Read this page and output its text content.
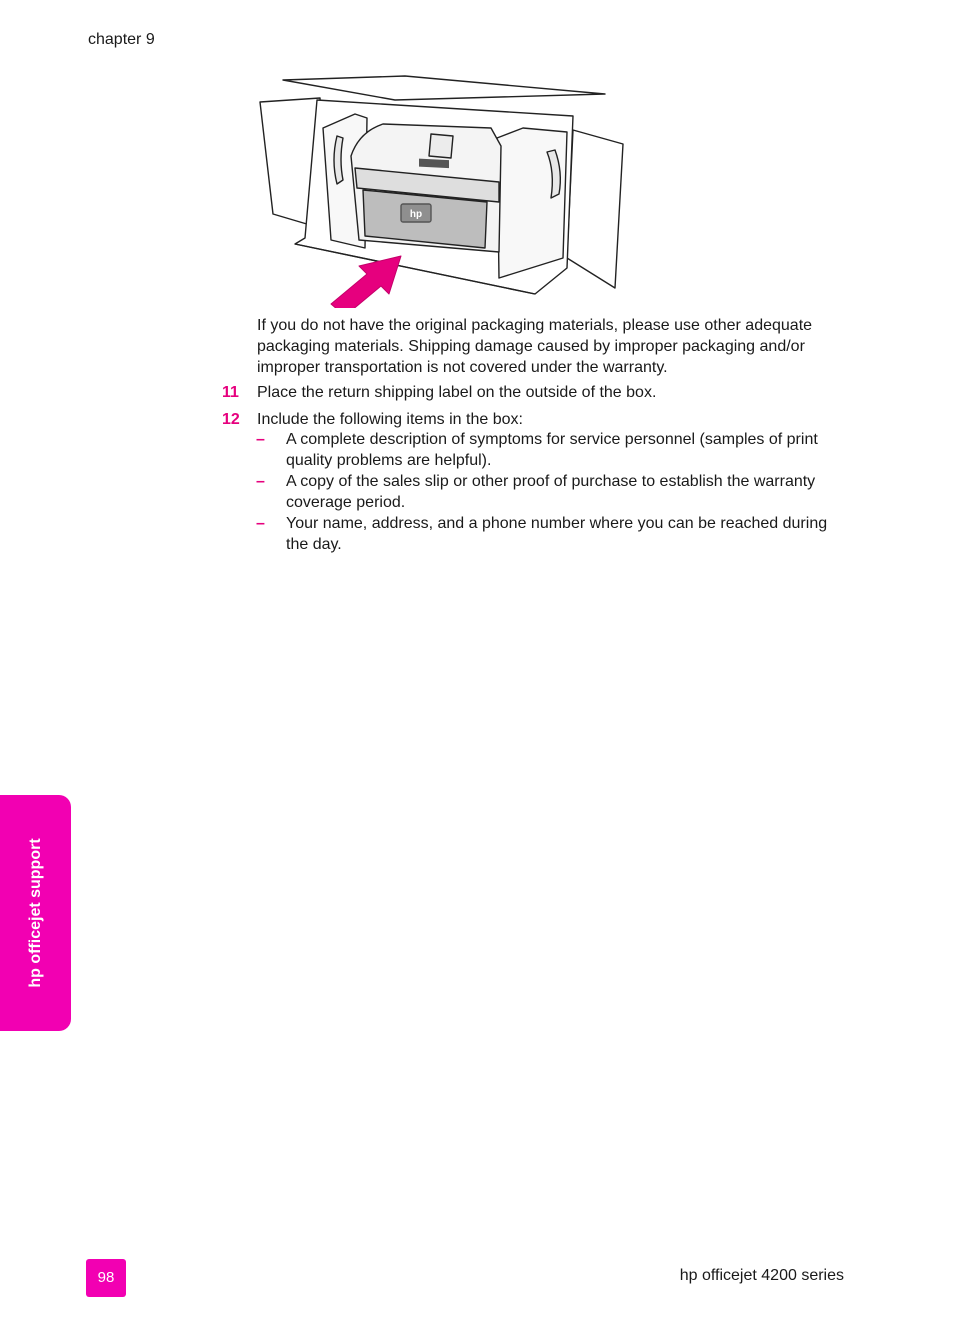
chapter 9
hp
If you do not have the original packaging materials, please use other adequate packaging materials. Shipping damage caused by improper packaging and/or improper transportation is not covered under the warranty.
11 Place the return shipping label on the outside of the box.
12 Include the following items in the box:
– A complete description of symptoms for service personnel (samples of print quality problems are helpful).
– A copy of the sales slip or other proof of purchase to establish the warranty coverage period.
– Your name, address, and a phone number where you can be reached during the day.
hp officejet support
98	hp officejet 4200 series
